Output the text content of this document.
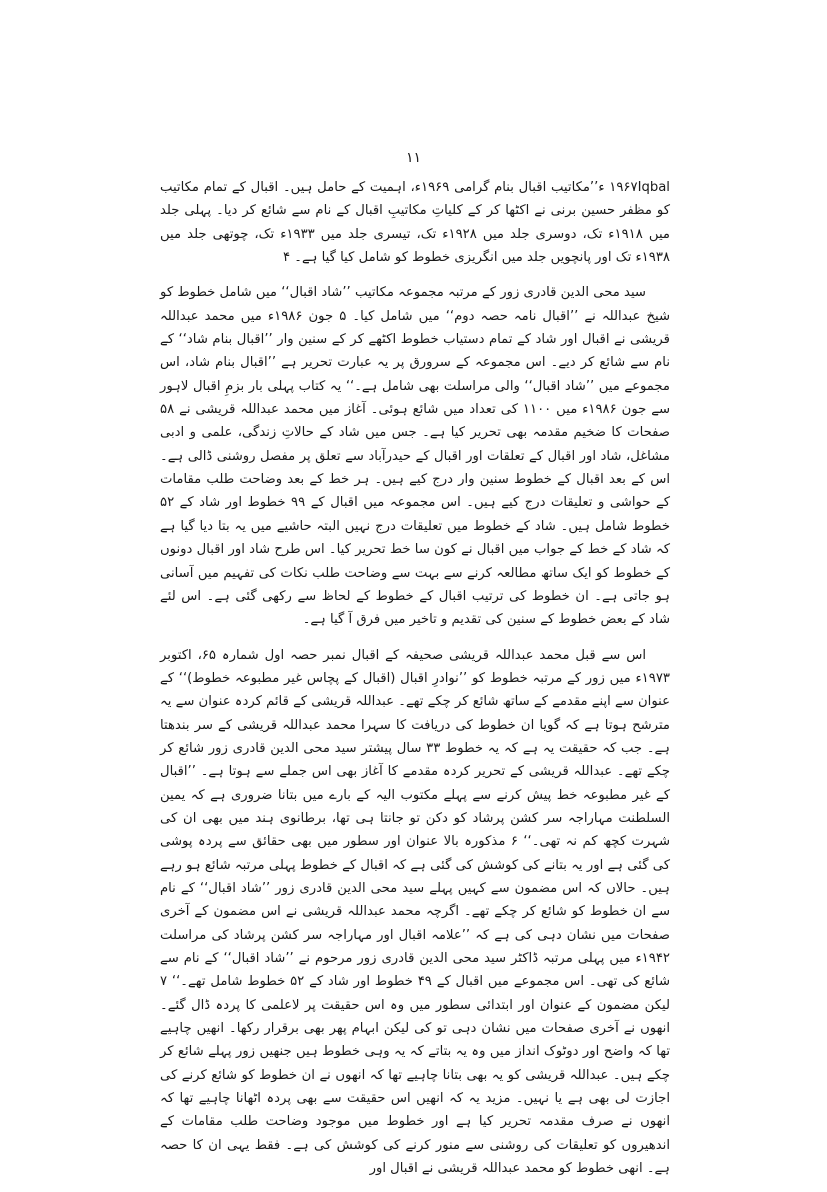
۱۱

۱۹۶۷Iqbal ء’’مکاتیب اقبال بنام گرامی ۱۹۶۹ء، اہمیت کے حامل ہیں۔ اقبال کے تمام مکاتیب کو مظفر حسین برنی نے اکٹھا کر کے کلیاتِ مکاتیبِ اقبال کے نام سے شائع کر دیا۔ پہلی جلد میں ۱۹۱۸ء تک، دوسری جلد میں ۱۹۲۸ء تک، تیسری جلد میں ۱۹۳۳ء تک، چوتھی جلد میں ۱۹۳۸ء تک اور پانچویں جلد میں انگریزی خطوط کو شامل کیا گیا ہے۔ ۴

سید محی الدین قادری زور کے مرتبہ مجموعہ مکاتیب ’’شاد اقبال‘‘ میں شامل خطوط کو شیخ عبداللہ نے ’’اقبال نامہ حصہ دوم‘‘ میں شامل کیا۔ ۵ جون ۱۹۸۶ء میں محمد عبداللہ قریشی نے اقبال اور شاد کے تمام دستیاب خطوط اکٹھے کر کے سنین وار ’’اقبال بنام شاد‘‘ کے نام سے شائع کر دیے۔ اس مجموعہ کے سرورق پر یہ عبارت تحریر ہے ’’اقبال بنام شاد، اس مجموعے میں ’’شاد اقبال‘‘ والی مراسلت بھی شامل ہے۔‘‘ یہ کتاب پہلی بار بزمِ اقبال لاہور سے جون ۱۹۸۶ء میں ۱۱۰۰ کی تعداد میں شائع ہوئی۔ آغاز میں محمد عبداللہ قریشی نے ۵۸ صفحات کا ضخیم مقدمہ بھی تحریر کیا ہے۔ جس میں شاد کے حالاتِ زندگی، علمی و ادبی مشاغل، شاد اور اقبال کے تعلقات اور اقبال کے حیدرآباد سے تعلق پر مفصل روشنی ڈالی ہے۔ اس کے بعد اقبال کے خطوط سنین وار درج کیے ہیں۔ ہر خط کے بعد وضاحت طلب مقامات کے حواشی و تعلیقات درج کیے ہیں۔ اس مجموعہ میں اقبال کے ۹۹ خطوط اور شاد کے ۵۲ خطوط شامل ہیں۔ شاد کے خطوط میں تعلیقات درج نہیں البتہ حاشیے میں یہ بتا دیا گیا ہے کہ شاد کے خط کے جواب میں اقبال نے کون سا خط تحریر کیا۔ اس طرح شاد اور اقبال دونوں کے خطوط کو ایک ساتھ مطالعہ کرنے سے بہت سے وضاحت طلب نکات کی تفہیم میں آسانی ہو جاتی ہے۔ ان خطوط کی ترتیب اقبال کے خطوط کے لحاظ سے رکھی گئی ہے۔ اس لئے شاد کے بعض خطوط کے سنین کی تقدیم و تاخیر میں فرق آ گیا ہے۔

اس سے قبل محمد عبداللہ قریشی صحیفہ کے اقبال نمبر حصہ اول شمارہ ۶۵، اکتوبر ۱۹۷۳ء میں زور کے مرتبہ خطوط کو ’’نوادرِ اقبال (اقبال کے پچاس غیر مطبوعہ خطوط)‘‘ کے عنوان سے اپنے مقدمے کے ساتھ شائع کر چکے تھے۔ عبداللہ قریشی کے قائم کردہ عنوان سے یہ مترشح ہوتا ہے کہ گویا ان خطوط کی دریافت کا سہرا محمد عبداللہ قریشی کے سر بندھتا ہے۔ جب کہ حقیقت یہ ہے کہ یہ خطوط ۳۳ سال پیشتر سید محی الدین قادری زور شائع کر چکے تھے۔ عبداللہ قریشی کے تحریر کردہ مقدمے کا آغاز بھی اس جملے سے ہوتا ہے۔ ’’اقبال کے غیر مطبوعہ خط پیش کرنے سے پہلے مکتوب الیہ کے بارے میں بتانا ضروری ہے کہ یمین السلطنت مہاراجہ سر کشن پرشاد کو دکن تو جانتا ہی تھا، برطانوی ہند میں بھی ان کی شہرت کچھ کم نہ تھی۔‘‘ ۶ مذکورہ بالا عنوان اور سطور میں بھی حقائق سے پردہ پوشی کی گئی ہے اور یہ بتانے کی کوشش کی گئی ہے کہ اقبال کے خطوط پہلی مرتبہ شائع ہو رہے ہیں۔ حالاں کہ اس مضمون سے کہیں پہلے سید محی الدین قادری زور ’’شاد اقبال‘‘ کے نام سے ان خطوط کو شائع کر چکے تھے۔ اگرچہ محمد عبداللہ قریشی نے اس مضمون کے آخری صفحات میں نشان دہی کی ہے کہ ’’علامہ اقبال اور مہاراجہ سر کشن پرشاد کی مراسلت ۱۹۴۲ء میں پہلی مرتبہ ڈاکٹر سید محی الدین قادری زور مرحوم نے ’’شاد اقبال‘‘ کے نام سے شائع کی تھی۔ اس مجموعے میں اقبال کے ۴۹ خطوط اور شاد کے ۵۲ خطوط شامل تھے۔‘‘ ۷ لیکن مضمون کے عنوان اور ابتدائی سطور میں وہ اس حقیقت پر لاعلمی کا پردہ ڈال گئے۔ انھوں نے آخری صفحات میں نشان دہی تو کی لیکن ابہام پھر بھی برقرار رکھا۔ انھیں چاہیے تھا کہ واضح اور دوٹوک انداز میں وہ یہ بتاتے کہ یہ وہی خطوط ہیں جنھیں زور پہلے شائع کر چکے ہیں۔ عبداللہ قریشی کو یہ بھی بتانا چاہیے تھا کہ انھوں نے ان خطوط کو شائع کرنے کی اجازت لی بھی ہے یا نہیں۔ مزید یہ کہ انھیں اس حقیقت سے بھی پردہ اٹھانا چاہیے تھا کہ انھوں نے صرف مقدمہ تحریر کیا ہے اور خطوط میں موجود وضاحت طلب مقامات کے اندھیروں کو تعلیقات کی روشنی سے منور کرنے کی کوشش کی ہے۔ فقط یہی ان کا حصہ ہے۔ انھی خطوط کو محمد عبداللہ قریشی نے اقبال اور
